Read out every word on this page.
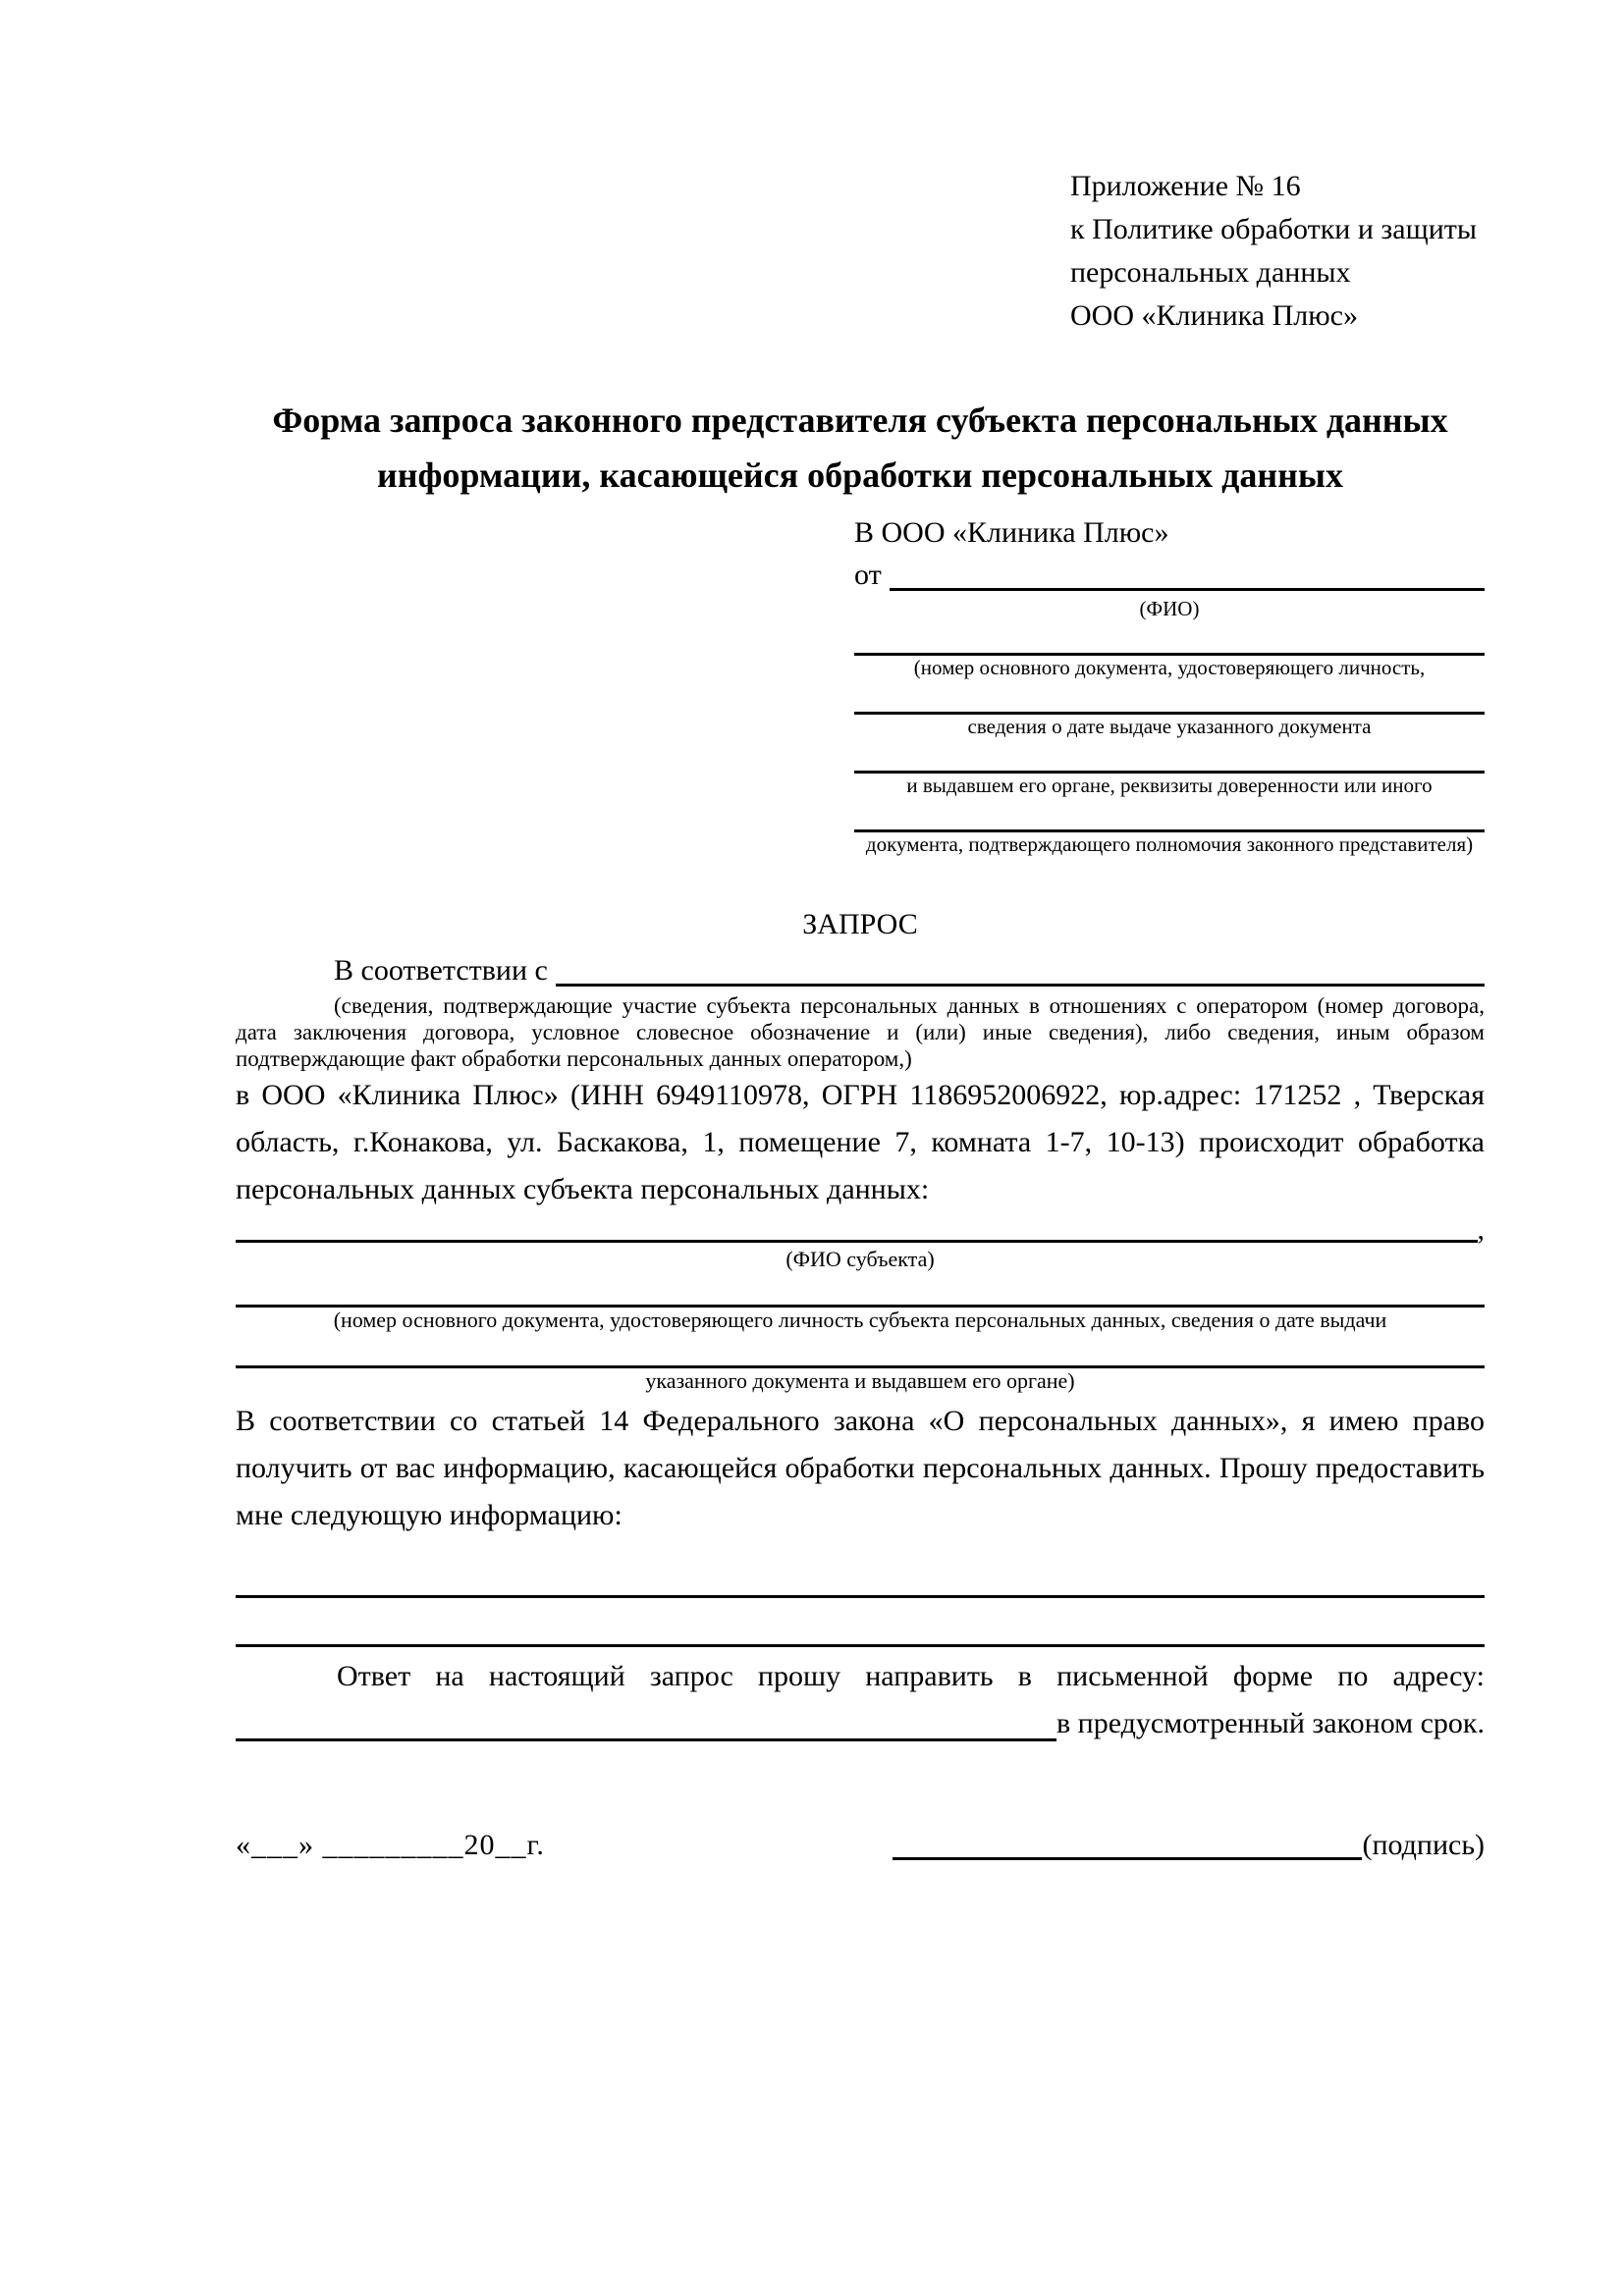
Приложение № 16
к Политике обработки и защиты
персональных данных
ООО «Клиника Плюс»
Форма запроса законного представителя субъекта персональных данных
информации, касающейся обработки персональных данных
В ООО «Клиника Плюс»
от
(ФИО)
(номер основного документа, удостоверяющего личность,
сведения о дате выдаче указанного документа
и выдавшем его органе, реквизиты доверенности или иного
документа, подтверждающего полномочия законного представителя)
ЗАПРОС
В соответствии с

(сведения, подтверждающие участие субъекта персональных данных в отношениях с оператором (номер договора, дата заключения договора, условное словесное обозначение и (или) иные сведения), либо сведения, иным образом подтверждающие факт обработки персональных данных оператором,)

в ООО «Клиника Плюс» (ИНН 6949110978, ОГРН 1186952006922, юр.адрес: 171252 , Тверская область, г.Конакова, ул. Баскакова, 1, помещение 7, комната 1-7, 10-13) происходит обработка персональных данных субъекта персональных данных:

,
(ФИО субъекта)
(номер основного документа, удостоверяющего личность субъекта персональных данных, сведения о дате выдачи
указанного документа и выдавшем его органе)

В соответствии со статьей 14 Федерального закона «О персональных данных», я имею право получить от вас информацию, касающейся обработки персональных данных. Прошу предоставить мне следующую информацию:

Ответ на настоящий запрос прошу направить в письменной форме по адресу:

в предусмотренный законом срок.
«___» _________20__г.	(подпись)
